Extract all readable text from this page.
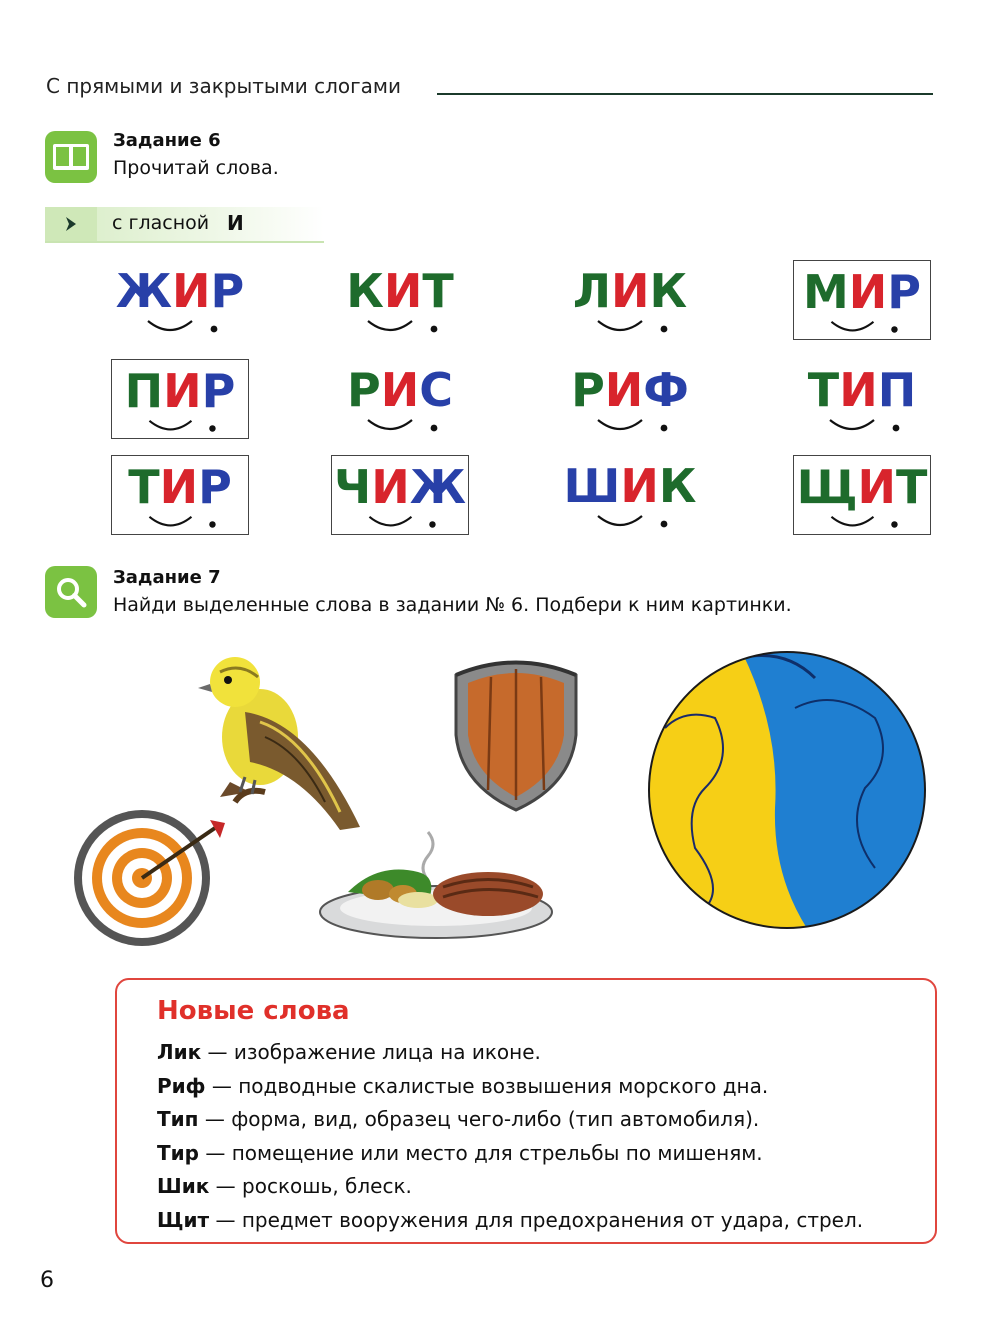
С прямыми и закрытыми слогами
Задание 6
Прочитай слова.
с гласной И
ЖИР КИТ	ЛИК	МИР
ПИР РИС	РИФ	ТИП
ТИР ЧИЖ ШИК ЩИТ
Задание 7
Найди выделенные слова в задании № 6. Подбери к ним картинки.
Новые слова
Лик — изображение лица на иконе.
Риф — подводные скалистые возвышения морского дна.
Тип — форма, вид, образец чего-либо (тип автомобиля).
Тир — помещение или место для стрельбы по мишеням.
Шик — роскошь, блеск.
Щит — предмет вооружения для предохранения от удара, стрел.
6
